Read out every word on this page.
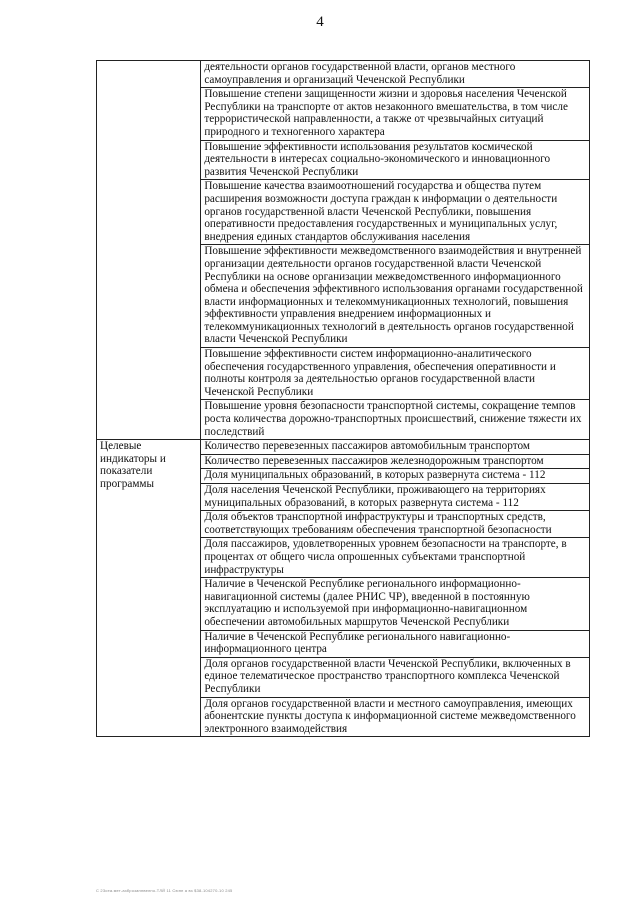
4
	деятельности органов государственной власти, органов местного самоуправления и организаций Чеченской Республики
	Повышение степени защищенности жизни и здоровья населения Чеченской Республики на транспорте от актов незаконного вмешательства, в том числе террористической направленности, а также от чрезвычайных ситуаций природного и техногенного характера
	Повышение эффективности использования результатов космической деятельности в интересах социально-экономического и инновационного развития Чеченской Республики
	Повышение качества взаимоотношений государства и общества путем расширения возможности доступа граждан к информации о деятельности органов государственной власти Чеченской Республики, повышения оперативности предоставления государственных и муниципальных услуг, внедрения единых стандартов обслуживания населения
	Повышение эффективности межведомственного взаимодействия и внутренней организации деятельности органов государственной власти Чеченской Республики на основе организации межведомственного информационного обмена и обеспечения эффективного использования органами государственной власти информационных и телекоммуникационных технологий, повышения эффективности управления внедрением информационных и телекоммуникационных технологий в деятельность органов государственной власти Чеченской Республики
	Повышение эффективности систем информационно-аналитического обеспечения государственного управления, обеспечения оперативности и полноты контроля за деятельностью органов государственной власти Чеченской Республики
	Повышение уровня безопасности транспортной системы, сокращение темпов роста количества дорожно-транспортных происшествий, снижение тяжести их последствий
Целевые индикаторы и показатели программы	Количество перевезенных пассажиров автомобильным транспортом
	Количество перевезенных пассажиров железнодорожным транспортом
	Доля муниципальных образований, в которых развернута система - 112
	Доля населения Чеченской Республики, проживающего на территориях муниципальных образований, в которых развернута система - 112
	Доля объектов транспортной инфраструктуры и транспортных средств, соответствующих требованиям обеспечения транспортной безопасности
	Доля пассажиров, удовлетворенных уровнем безопасности на транспорте, в процентах от общего числа опрошенных субъектами транспортной инфраструктуры
	Наличие в Чеченской Республике регионального информационно-навигационной системы (далее РНИС ЧР), введенной в постоянную эксплуатацию и используемой при информационно-навигационном обеспечении автомобильных маршрутов Чеченской Республики
	Наличие в Чеченской Республике регионального навигационно-информационного центра
	Доля органов государственной власти Чеченской Республики, включенных в единое телематическое пространство транспортного комплекса Чеченской Республики
	Доля органов государственной власти и местного самоуправления, имеющих абонентские пункты доступа к информационной системе межведомственного электронного взаимодействия
С 23сеа.мет-азброзанпвелно-ТЛЙ 11 Сюнп а вз $38-104270-10 245
